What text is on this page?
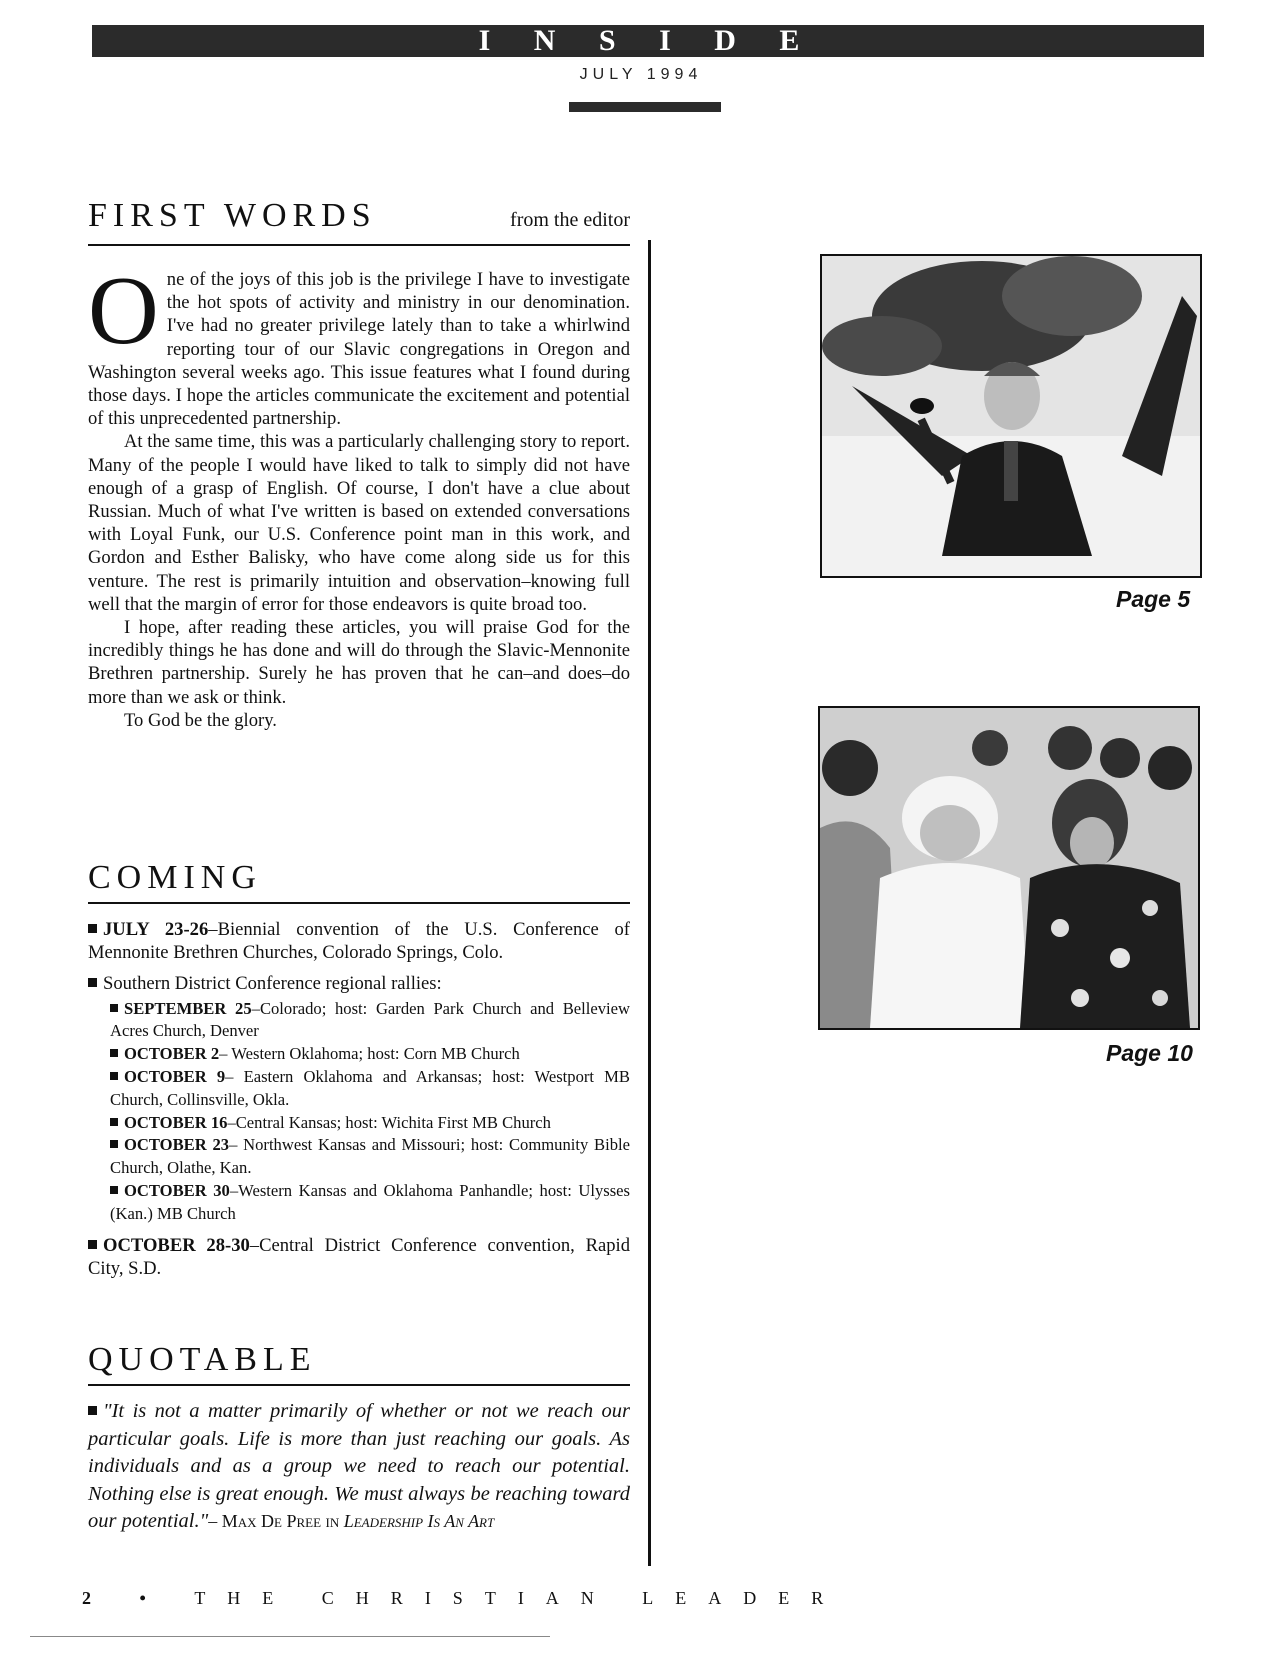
I N S I D E
JULY 1994
FIRST WORDS	from the editor
O ne of the joys of this job is the privilege I have to investigate the hot spots of activity and ministry in our denomination. I've had no greater privilege lately than to take a whirlwind reporting tour of our Slavic congregations in Oregon and Washington several weeks ago. This issue features what I found during those days. I hope the articles communicate the excitement and potential of this unprecedented partnership.

At the same time, this was a particularly challenging story to report. Many of the people I would have liked to talk to simply did not have enough of a grasp of English. Of course, I don't have a clue about Russian. Much of what I've written is based on extended conversations with Loyal Funk, our U.S. Conference point man in this work, and Gordon and Esther Balisky, who have come along side us for this venture. The rest is primarily intuition and observation–knowing full well that the margin of error for those endeavors is quite broad too.

I hope, after reading these articles, you will praise God for the incredibly things he has done and will do through the Slavic-Mennonite Brethren partnership. Surely he has proven that he can–and does–do more than we ask or think.

To God be the glory.

COMING

JULY 23-26–Biennial convention of the U.S. Conference of Mennonite Brethren Churches, Colorado Springs, Colo.

Southern District Conference regional rallies:

SEPTEMBER 25–Colorado; host: Garden Park Church and Belleview Acres Church, Denver

OCTOBER 2– Western Oklahoma; host: Corn MB Church

OCTOBER 9– Eastern Oklahoma and Arkansas; host: Westport MB Church, Collinsville, Okla.

OCTOBER 16–Central Kansas; host: Wichita First MB Church

OCTOBER 23– Northwest Kansas and Missouri; host: Community Bible Church, Olathe, Kan.

OCTOBER 30–Western Kansas and Oklahoma Panhandle; host: Ulysses (Kan.) MB Church

OCTOBER 28-30–Central District Conference convention, Rapid City, S.D.

QUOTABLE

"It is not a matter primarily of whether or not we reach our particular goals. Life is more than just reaching our goals. As individuals and as a group we need to reach our potential. Nothing else is great enough. We must always be reaching toward our potential."– Max De Pree in Leadership Is An Art

Page 5
Page 10
2 • THE CHRISTIAN LEADER
